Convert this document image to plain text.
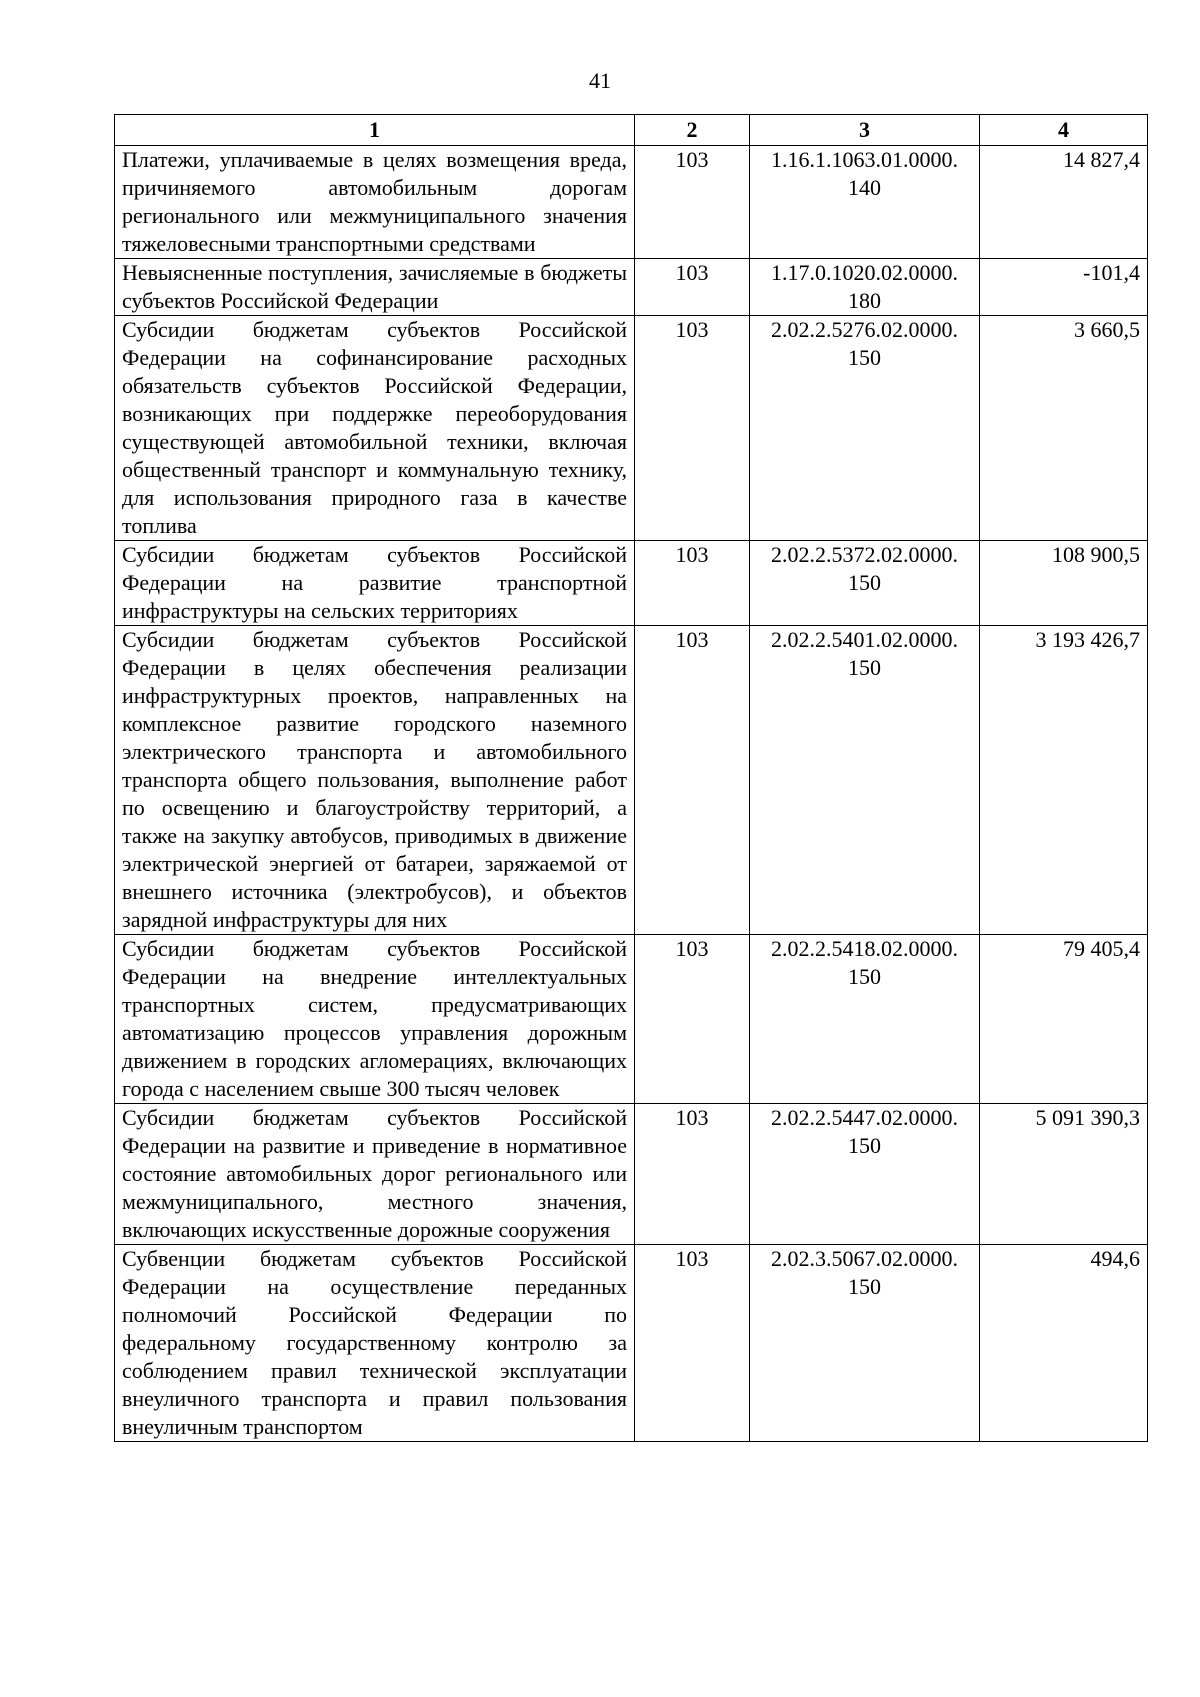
41
1	2	3	4
Платежи, уплачиваемые в целях возмещения вреда, причиняемого автомобильным дорогам регионального или межмуниципального значения тяжеловесными транспортными средствами	103	1.16.1.1063.01.0000. 140	14 827,4
Невыясненные поступления, зачисляемые в бюджеты субъектов Российской Федерации	103	1.17.0.1020.02.0000. 180	-101,4
Субсидии бюджетам субъектов Российской Федерации на софинансирование расходных обязательств субъектов Российской Федерации, возникающих при поддержке переоборудования существующей автомобильной техники, включая общественный транспорт и коммунальную технику, для использования природного газа в качестве топлива	103	2.02.2.5276.02.0000. 150	3 660,5
Субсидии бюджетам субъектов Российской Федерации на развитие транспортной инфраструктуры на сельских территориях	103	2.02.2.5372.02.0000. 150	108 900,5
Субсидии бюджетам субъектов Российской Федерации в целях обеспечения реализации инфраструктурных проектов, направленных на комплексное развитие городского наземного электрического транспорта и автомобильного транспорта общего пользования, выполнение работ по освещению и благоустройству территорий, а также на закупку автобусов, приводимых в движение электрической энергией от батареи, заряжаемой от внешнего источника (электробусов), и объектов зарядной инфраструктуры для них	103	2.02.2.5401.02.0000. 150	3 193 426,7
Субсидии бюджетам субъектов Российской Федерации на внедрение интеллектуальных транспортных систем, предусматривающих автоматизацию процессов управления дорожным движением в городских агломерациях, включающих города с населением свыше 300 тысяч человек	103	2.02.2.5418.02.0000. 150	79 405,4
Субсидии бюджетам субъектов Российской Федерации на развитие и приведение в нормативное состояние автомобильных дорог регионального или межмуниципального, местного значения, включающих искусственные дорожные сооружения	103	2.02.2.5447.02.0000. 150	5 091 390,3
Субвенции бюджетам субъектов Российской Федерации на осуществление переданных полномочий Российской Федерации по федеральному государственному контролю за соблюдением правил технической эксплуатации внеуличного транспорта и правил пользования внеуличным транспортом	103	2.02.3.5067.02.0000. 150	494,6
